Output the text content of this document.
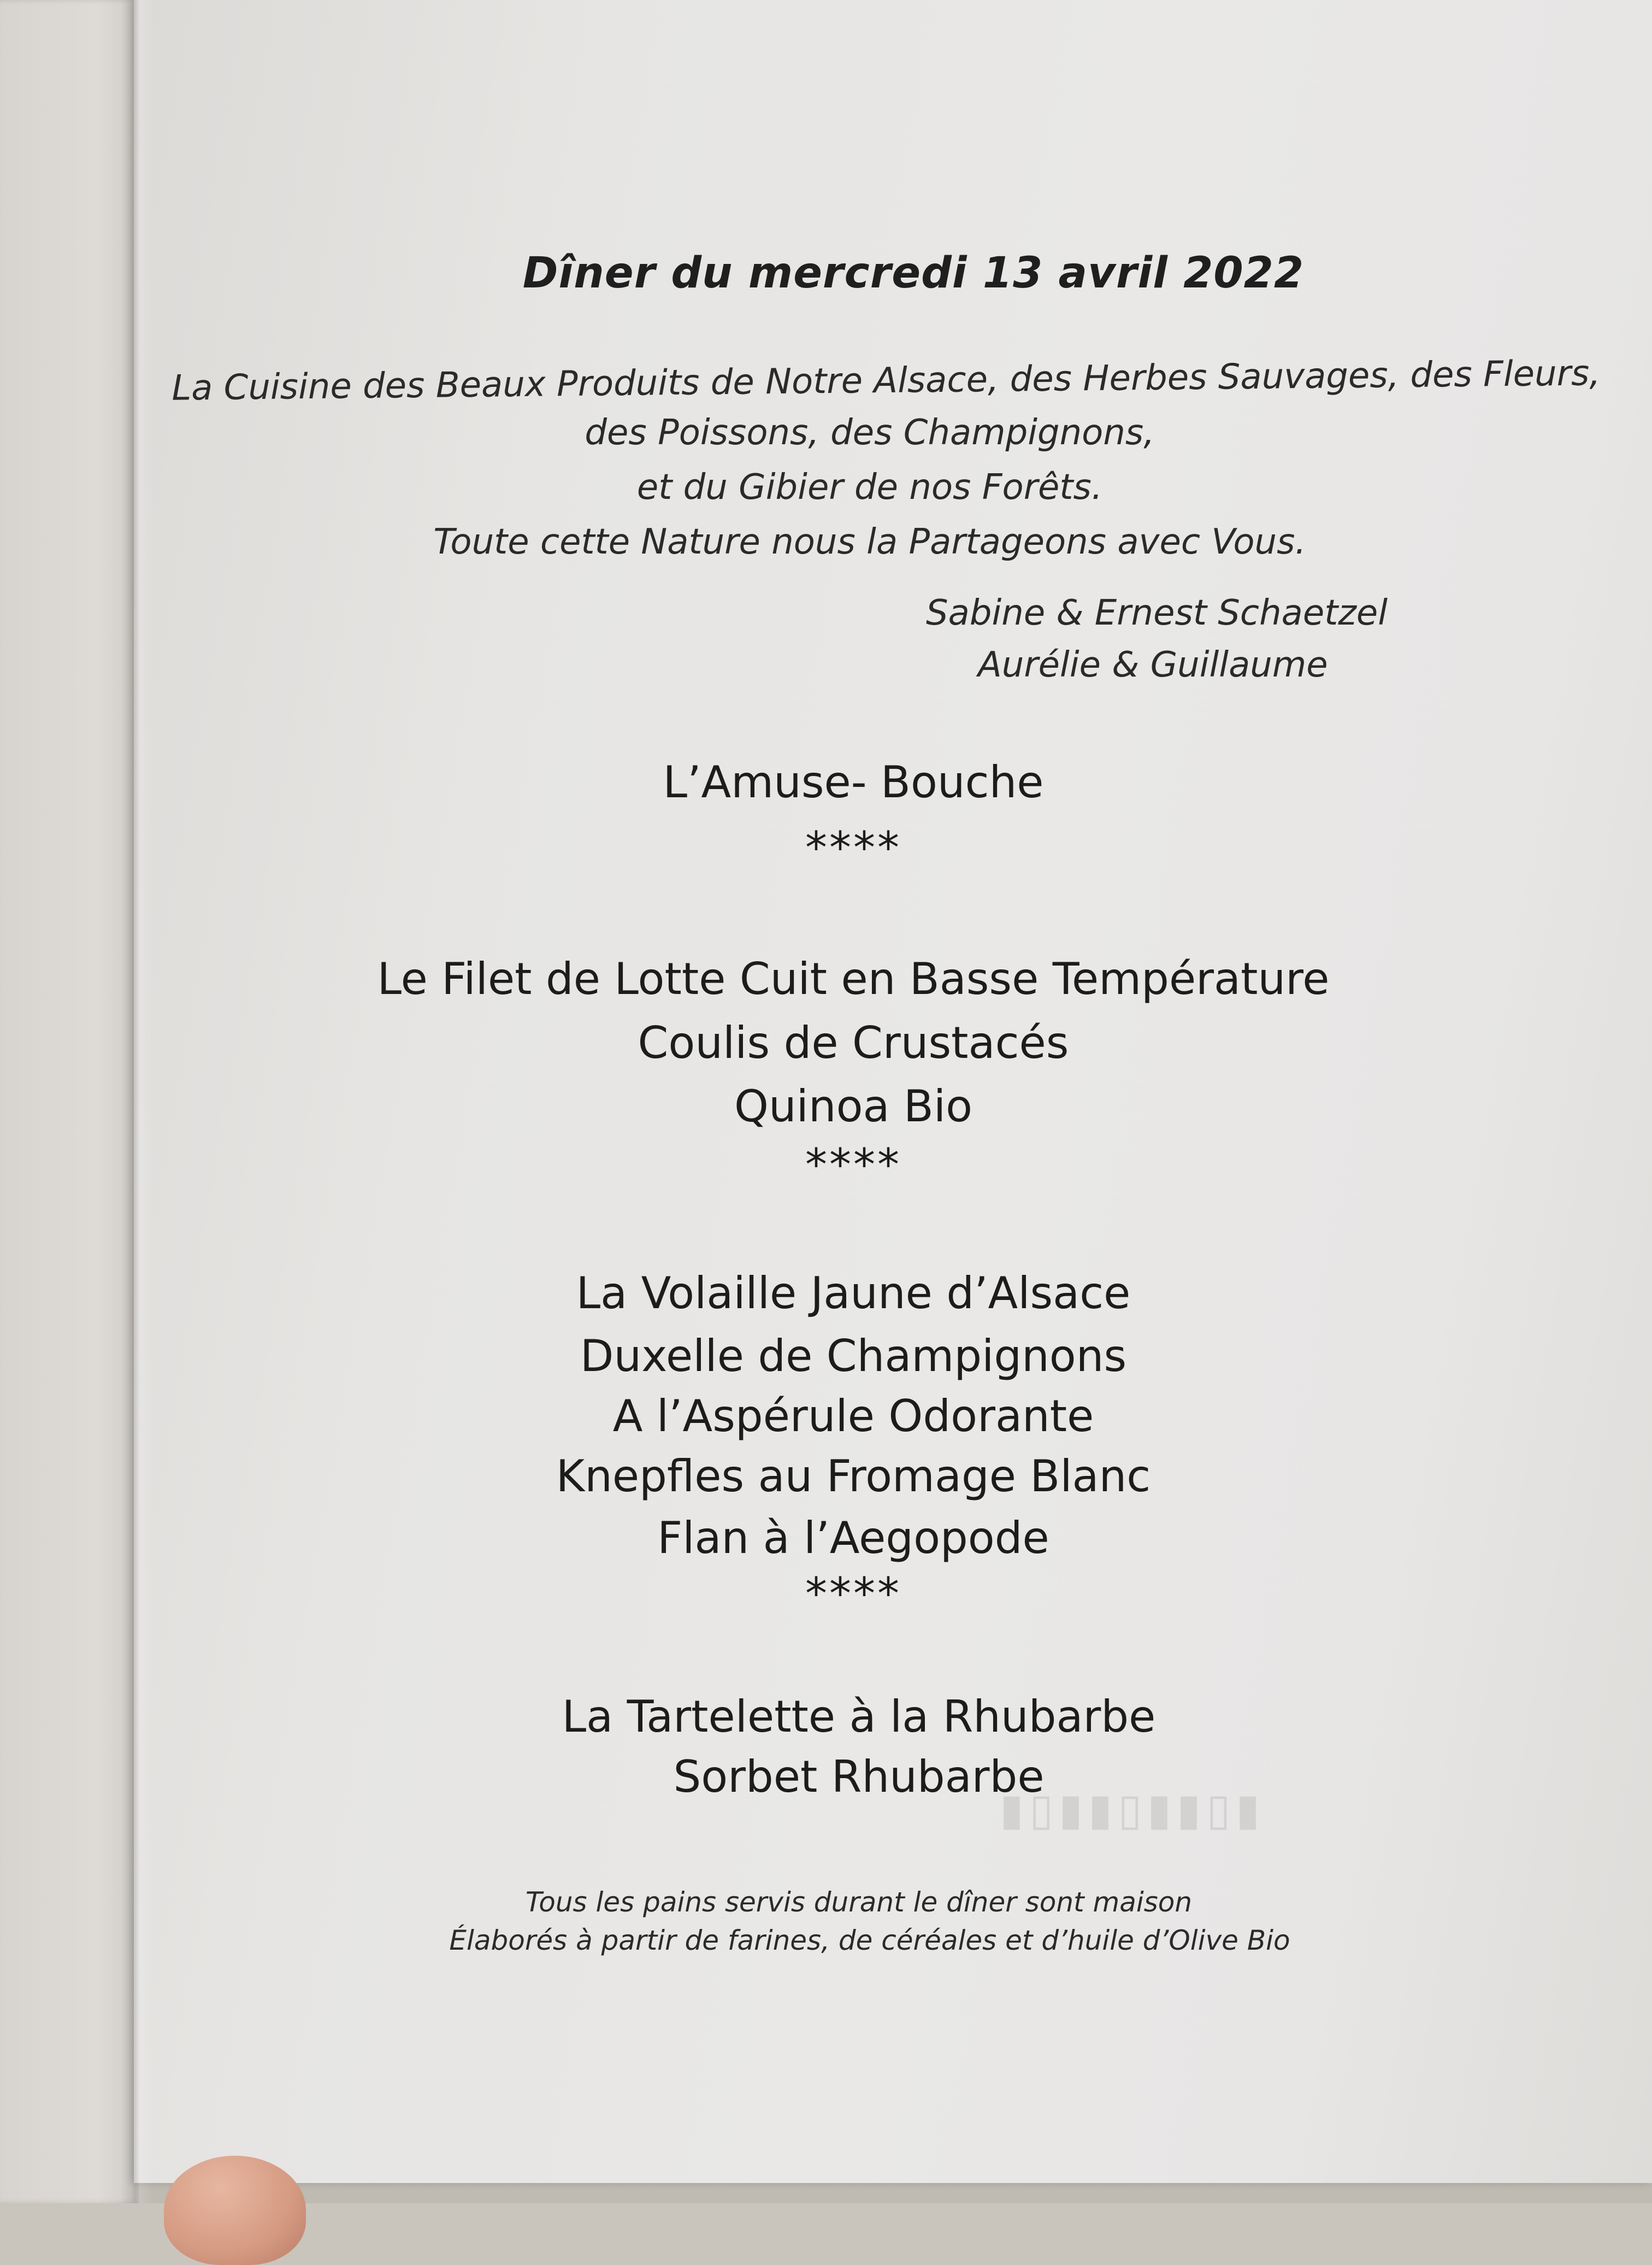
Dîner du mercredi 13 avril 2022
La Cuisine des Beaux Produits de Notre Alsace, des Herbes Sauvages, des Fleurs,
des Poissons, des Champignons,
et du Gibier de nos Forêts.
Toute cette Nature nous la Partageons avec Vous.
Sabine & Ernest Schaetzel
Aurélie & Guillaume
L’Amuse- Bouche
****
Le Filet de Lotte Cuit en Basse Température
Coulis de Crustacés
Quinoa Bio
****
La Volaille Jaune d’Alsace
Duxelle de Champignons
A l’Aspérule Odorante
Knepfles au Fromage Blanc
Flan à l’Aegopode
****
La Tartelette à la Rhubarbe
Sorbet Rhubarbe
▮▯▮▮▯▮▮▯▮
Tous les pains servis durant le dîner sont maison
Élaborés à partir de farines, de céréales et d’huile d’Olive Bio
